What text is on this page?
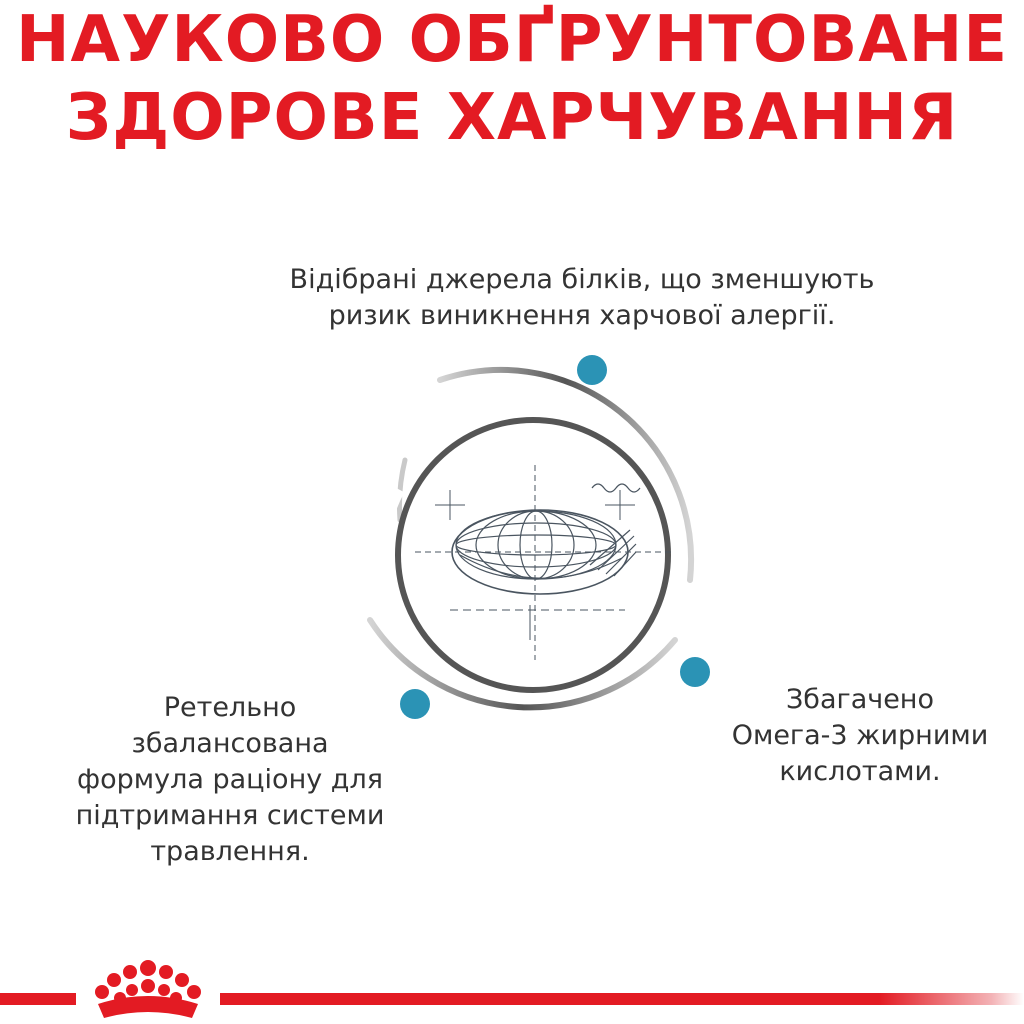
НАУКОВО ОБҐРУНТОВАНЕ
ЗДОРОВЕ ХАРЧУВАННЯ
Відібрані джерела білків, що зменшують
ризик виникнення харчової алергії.
Ретельно
збалансована
формула раціону для
підтримання системи
травлення.
Збагачено
Омега-3 жирними
кислотами.
